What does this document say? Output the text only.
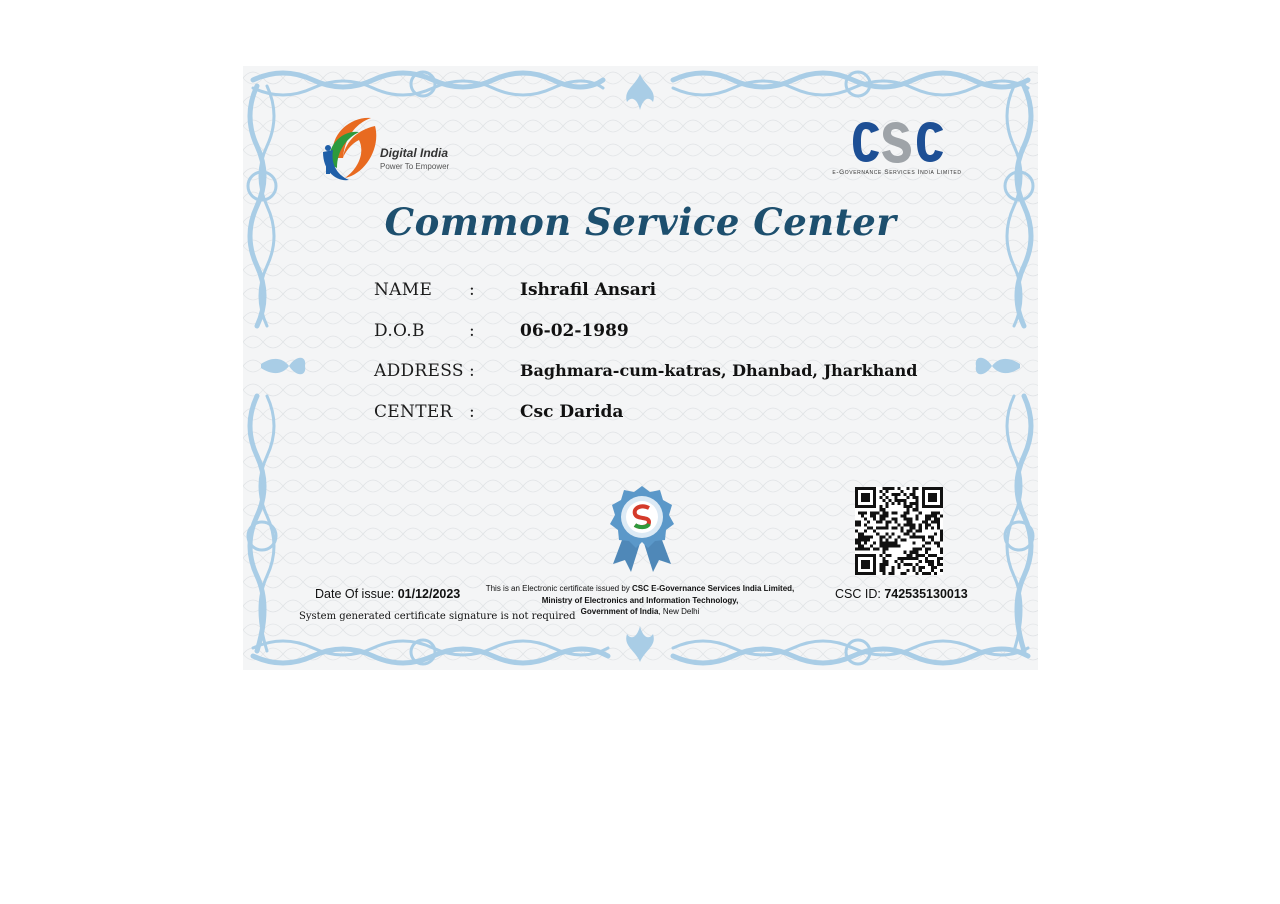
Digital India
Power To Empower
e-Governance Services India Limited
Common Service Center
NAME :	Ishrafil Ansari
D.O.B	:	06-02-1989
ADDRESS :	Baghmara-cum-katras, Dhanbad, Jharkhand
CENTER :	Csc Darida
Date Of issue: 01/12/2023
System generated certificate signature is not required
This is an Electronic certificate issued by CSC E-Governance Services India Limited,
Ministry of Electronics and Information Technology,
Government of India, New Delhi
CSC ID: 742535130013
